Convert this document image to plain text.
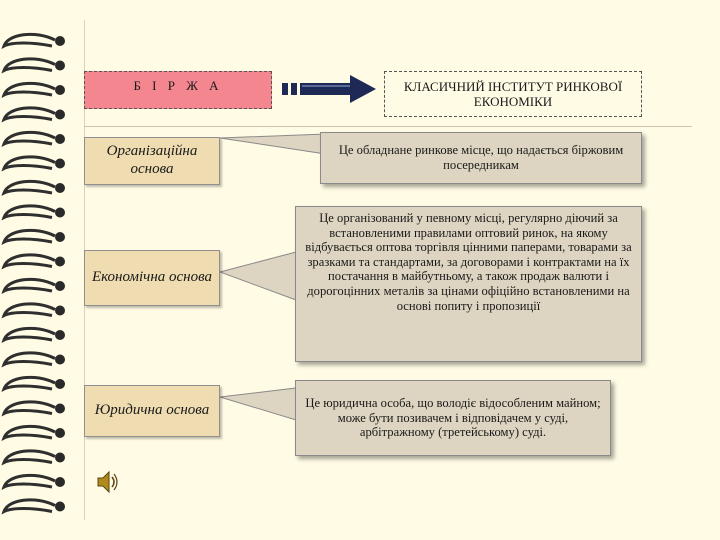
Б І Р Ж А	КЛАСИЧНИЙ ІНСТИТУТ РИНКОВОЇ ЕКОНОМІКИ
Організаційна основа
Економічна основа
Юридична основа
Це обладнане ринкове місце, що надається біржовим посередникам
Це організований у певному місці, регулярно діючий за встановленими правилами оптовий ринок, на якому відбувається оптова торгівля цінними паперами, товарами за зразками та стандартами, за договорами і контрактами на їх постачання в майбутньому, а також продаж валюти і дорогоцінних металів за цінами офіційно встановленими на основі попиту і пропозиції
Це юридична особа, що володіє відособленим майном; може бути позивачем і відповідачем у суді, арбітражному (третейському) суді.
